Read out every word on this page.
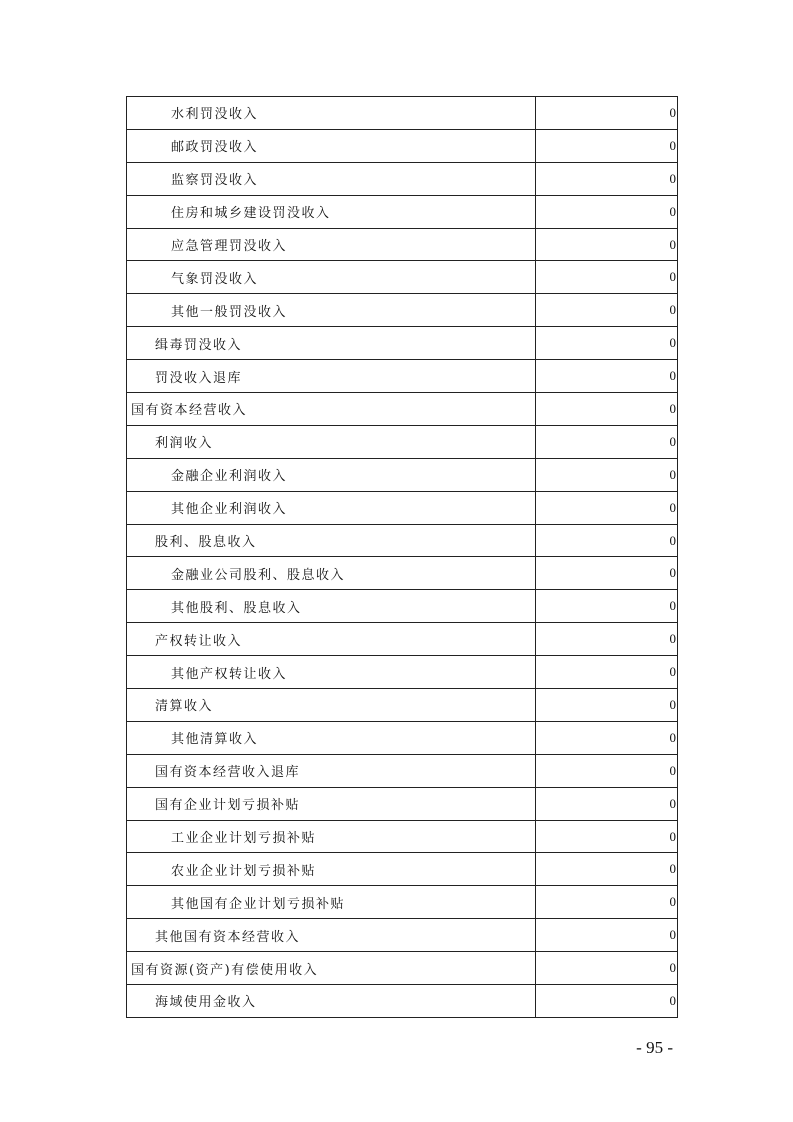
水利罚没收入	0
邮政罚没收入	0
监察罚没收入	0
住房和城乡建设罚没收入	0
应急管理罚没收入	0
气象罚没收入	0
其他一般罚没收入	0
缉毒罚没收入	0
罚没收入退库	0
国有资本经营收入	0
利润收入	0
金融企业利润收入	0
其他企业利润收入	0
股利、股息收入	0
金融业公司股利、股息收入	0
其他股利、股息收入	0
产权转让收入	0
其他产权转让收入	0
清算收入	0
其他清算收入	0
国有资本经营收入退库	0
国有企业计划亏损补贴	0
工业企业计划亏损补贴	0
农业企业计划亏损补贴	0
其他国有企业计划亏损补贴	0
其他国有资本经营收入	0
国有资源(资产)有偿使用收入	0
海域使用金收入	0
- 95 -
